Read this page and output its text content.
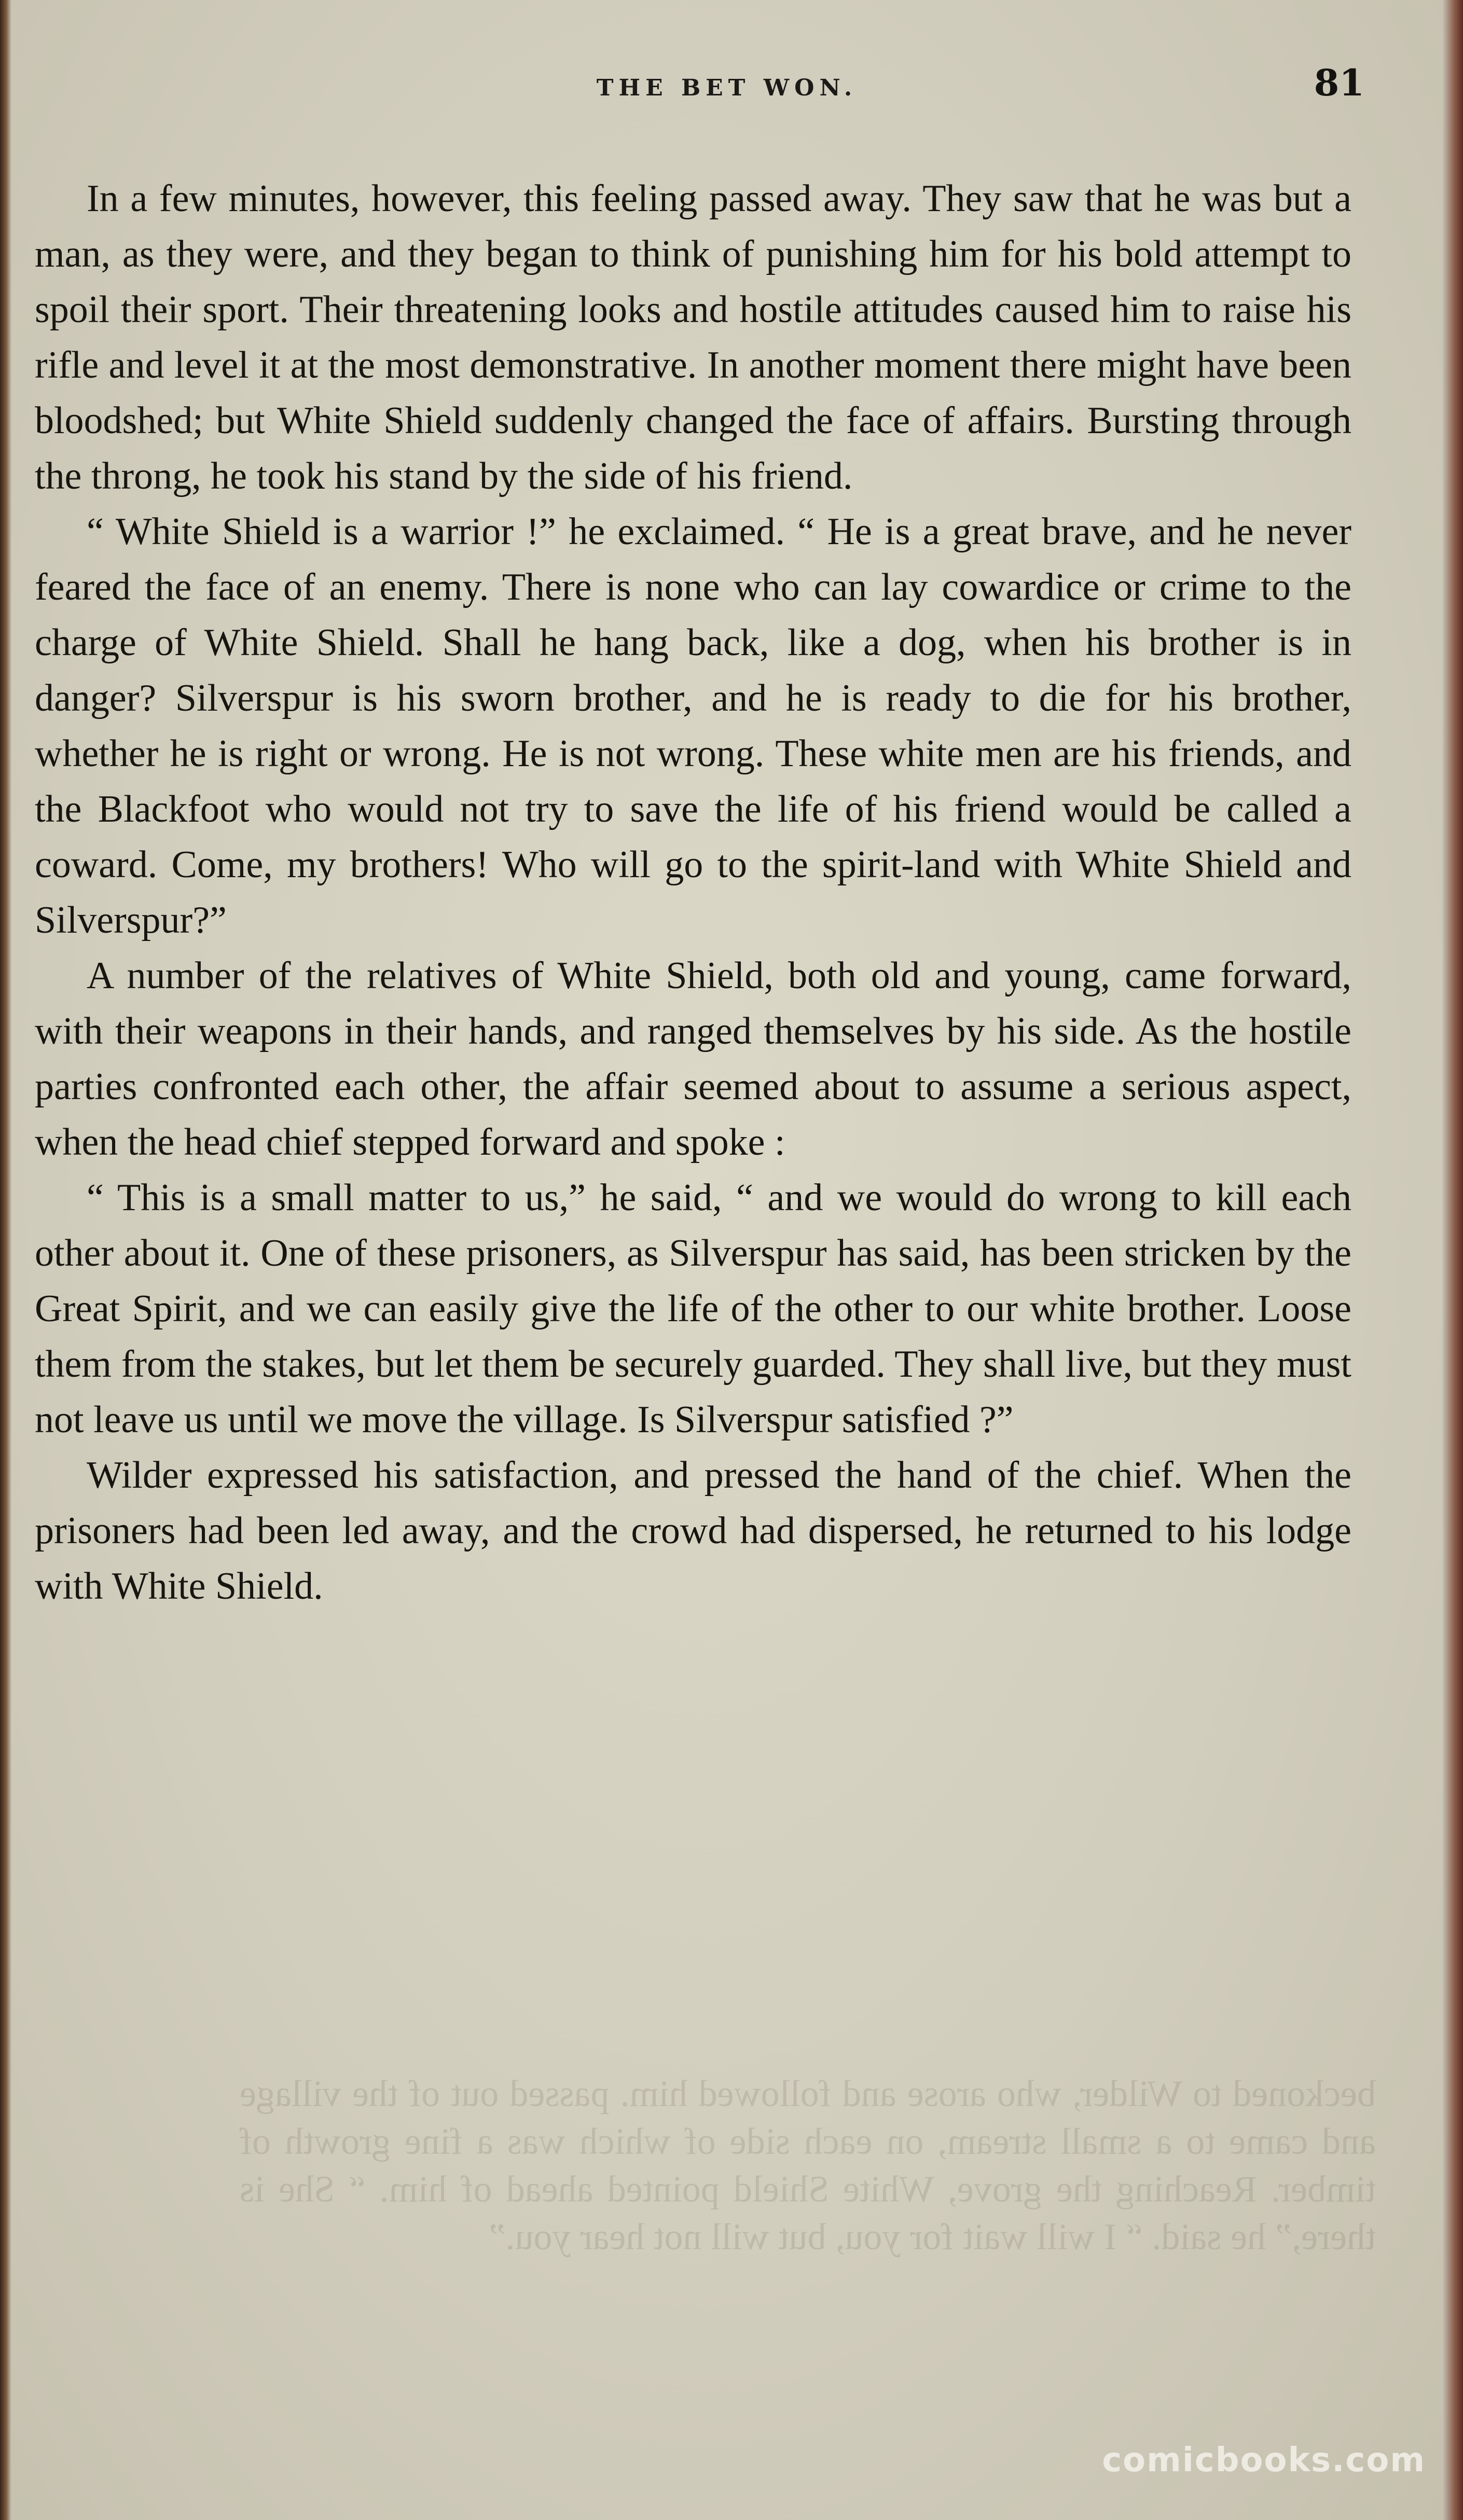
THE BET WON.	81

In a few minutes, however, this feeling passed away. They saw that he was but a man, as they were, and they began to think of punishing him for his bold attempt to spoil their sport. Their threatening looks and hostile attitudes caused him to raise his rifle and level it at the most demonstrative. In another moment there might have been bloodshed; but White Shield suddenly changed the face of affairs. Bursting through the throng, he took his stand by the side of his friend.

“ White Shield is a warrior !” he exclaimed. “ He is a great brave, and he never feared the face of an enemy. There is none who can lay cowardice or crime to the charge of White Shield. Shall he hang back, like a dog, when his brother is in danger? Silverspur is his sworn brother, and he is ready to die for his brother, whether he is right or wrong. He is not wrong. These white men are his friends, and the Blackfoot who would not try to save the life of his friend would be called a coward. Come, my brothers! Who will go to the spirit-land with White Shield and Silverspur?”

A number of the relatives of White Shield, both old and young, came forward, with their weapons in their hands, and ranged themselves by his side. As the hostile parties confronted each other, the affair seemed about to assume a serious aspect, when the head chief stepped forward and spoke :

“ This is a small matter to us,” he said, “ and we would do wrong to kill each other about it. One of these prisoners, as Silverspur has said, has been stricken by the Great Spirit, and we can easily give the life of the other to our white brother. Loose them from the stakes, but let them be securely guarded. They shall live, but they must not leave us until we move the village. Is Silverspur satisfied ?”

Wilder expressed his satisfaction, and pressed the hand of the chief. When the prisoners had been led away, and the crowd had dispersed, he returned to his lodge with White Shield.

beckoned to Wilder, who arose and followed him. passed out of the village and came to a small stream, on each side of which was a fine growth of timber. Reaching the grove, White Shield pointed ahead of him. “ She is there,” he said. “ I will wait for you, but will not hear you.”
comicbooks.com
